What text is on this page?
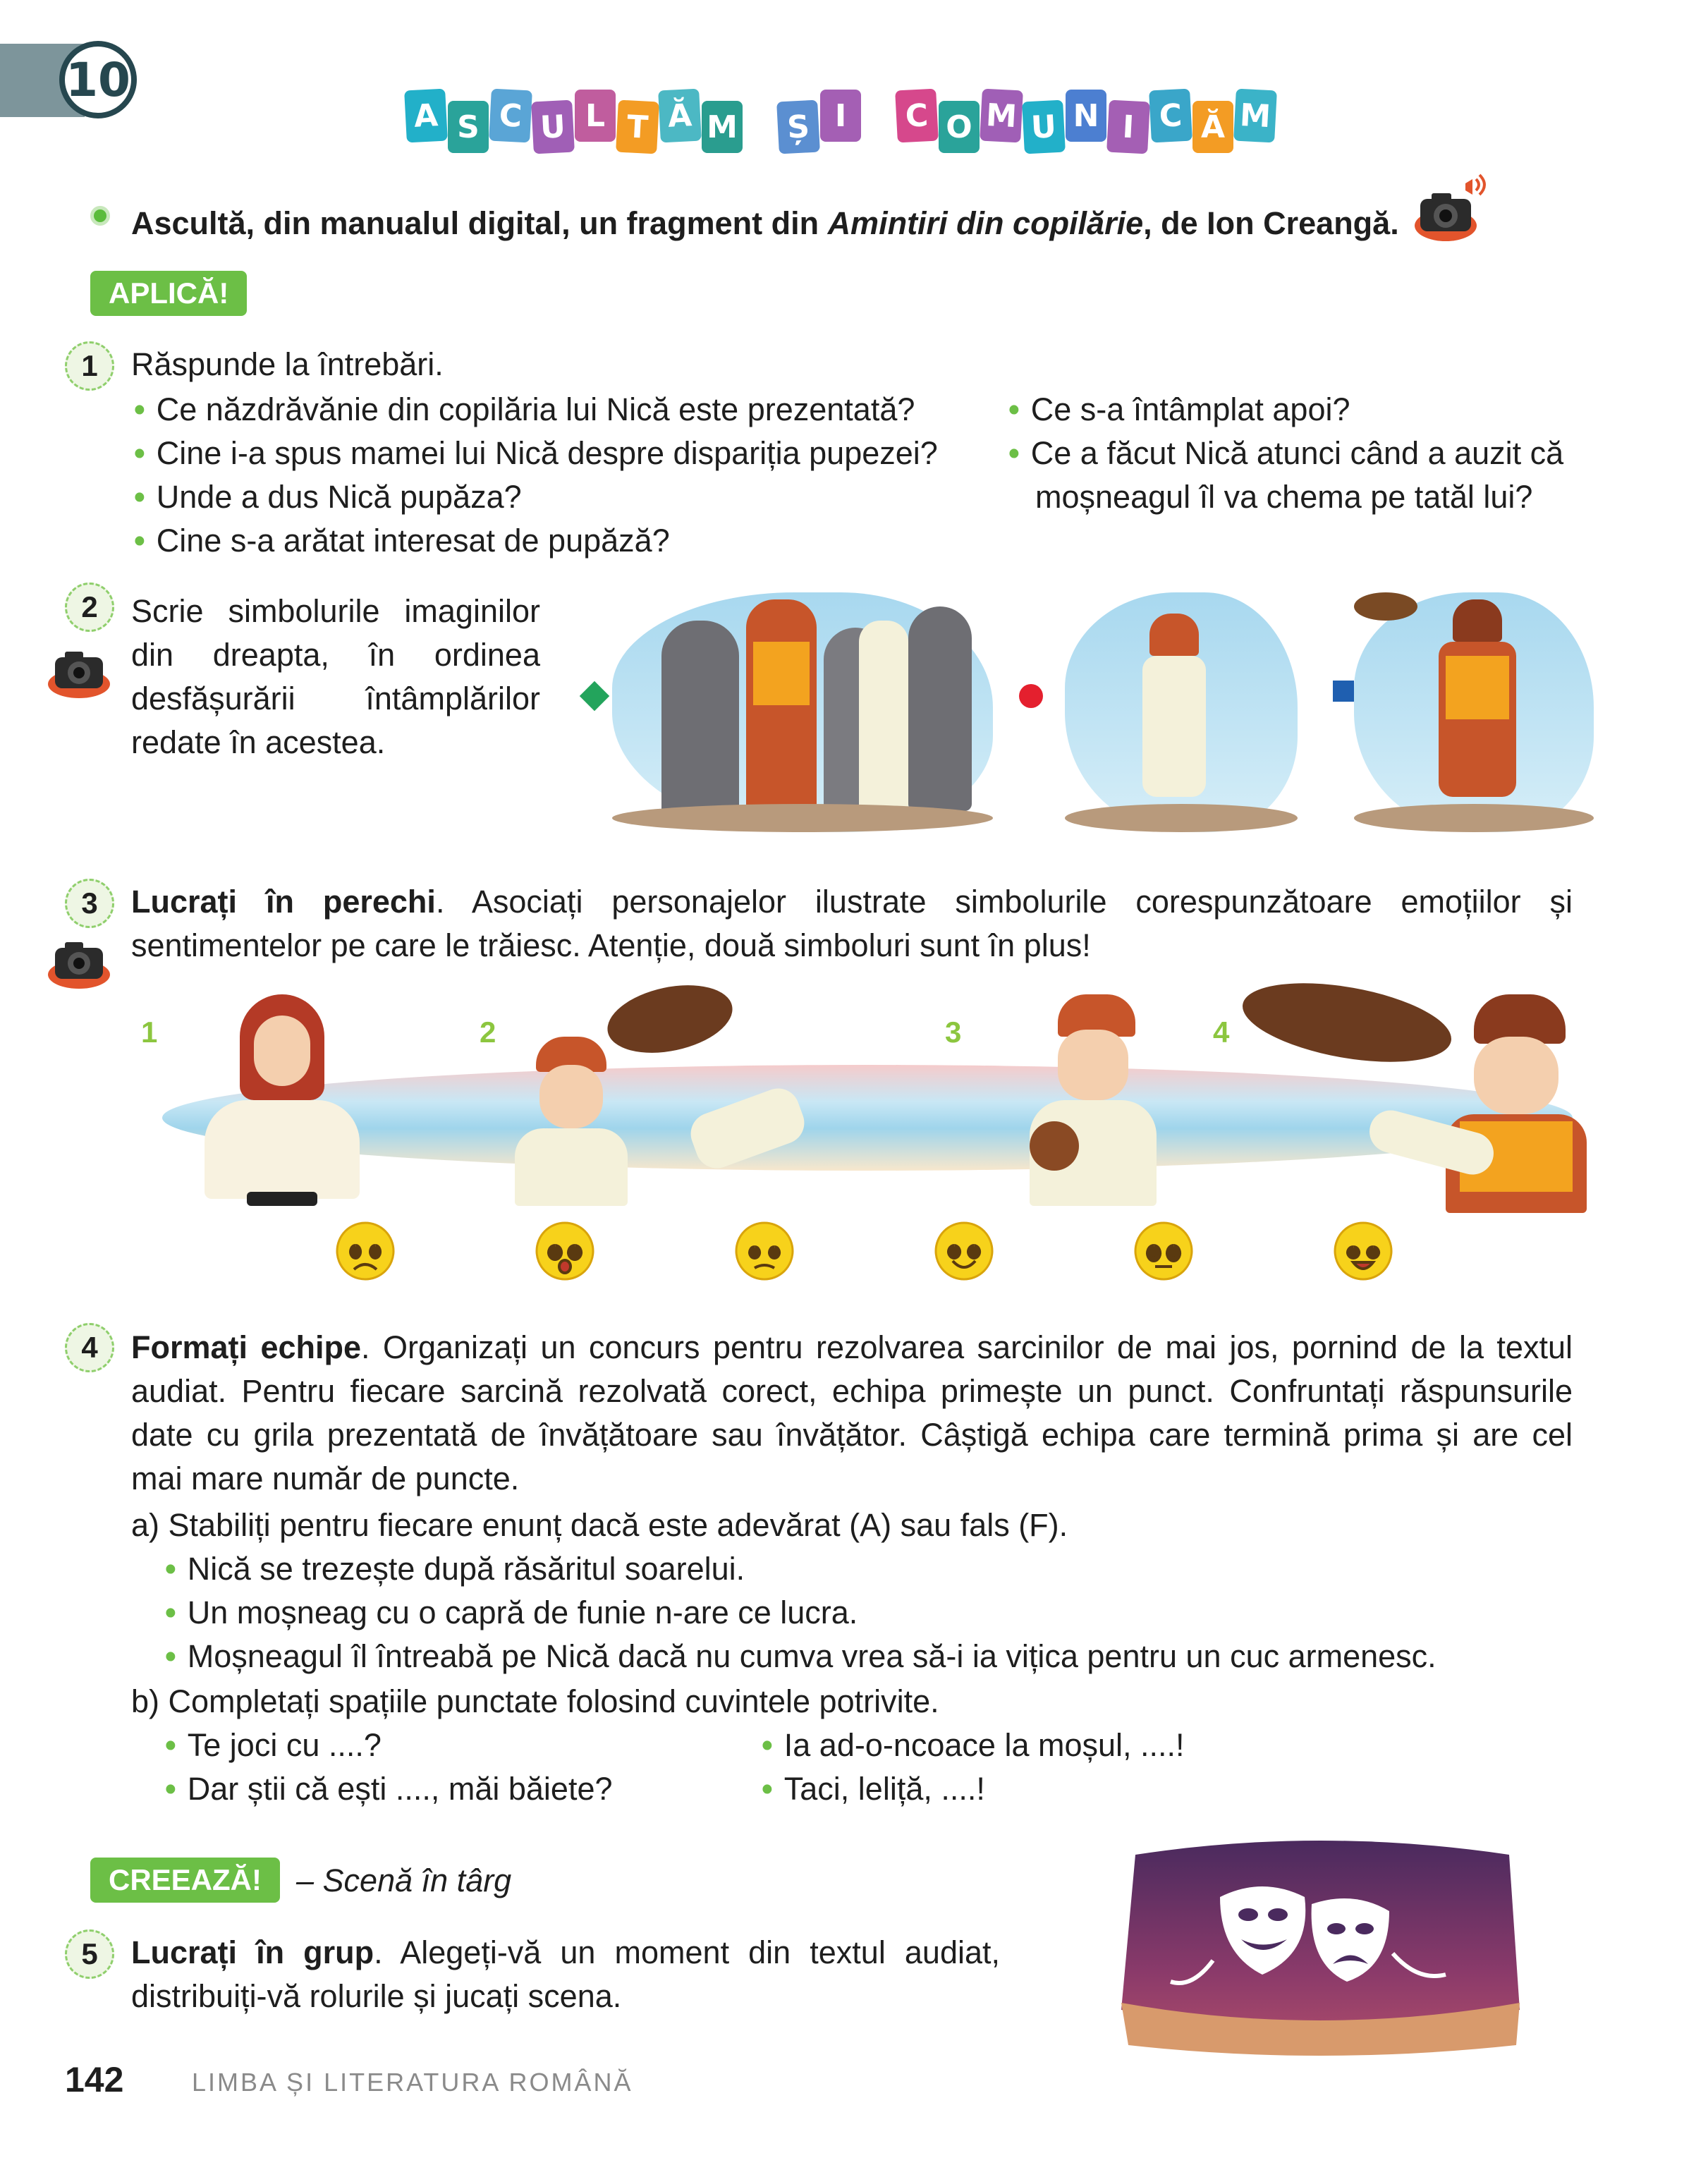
10
A S C U L T Ă M	Ș I	C O M U N I C Ă M
Ascultă, din manualul digital, un fragment din Amintiri din copilărie, de Ion Creangă.
APLICĂ!
1 Răspunde la întrebări.
• Ce năzdrăvănie din copilăria lui Nică este prezentată?
• Cine i-a spus mamei lui Nică despre dispariția pupezei?
• Unde a dus Nică pupăza?
• Cine s-a arătat interesat de pupăză?
• Ce s-a întâmplat apoi?
• Ce a făcut Nică atunci când a auzit că
moșneagul îl va chema pe tatăl lui?
2 Scrie simbolurile imaginilor
din dreapta, în ordinea
desfășurării întâmplărilor
redate în acestea.
3 Lucrați în perechi. Asociați personajelor ilustrate simbolurile corespunzătoare emoțiilor și
sentimentelor pe care le trăiesc. Atenție, două simboluri sunt în plus!
1	2	3	4
4 Formați echipe. Organizați un concurs pentru rezolvarea sarcinilor de mai jos, pornind de la textul
audiat. Pentru fiecare sarcină rezolvată corect, echipa primește un punct. Confruntați răspunsurile
date cu grila prezentată de învățătoare sau învățător. Câștigă echipa care termină prima și are cel
mai mare număr de puncte.
a) Stabiliți pentru fiecare enunț dacă este adevărat (A) sau fals (F).
• Nică se trezește după răsăritul soarelui.
• Un moșneag cu o capră de funie n-are ce lucra.
• Moșneagul îl întreabă pe Nică dacă nu cumva vrea să-i ia vițica pentru un cuc armenesc.
b) Completați spațiile punctate folosind cuvintele potrivite.
• Te joci cu ....?
• Dar știi că ești ...., măi băiete?
• Ia ad-o-ncoace la moșul, ....!
• Taci, leliță, ....!
CREEAZĂ!	– Scenă în târg
5 Lucrați în grup. Alegeți-vă un moment din textul audiat,
distribuiți-vă rolurile și jucați scena.
142	LIMBA ȘI LITERATURA ROMÂNĂ
